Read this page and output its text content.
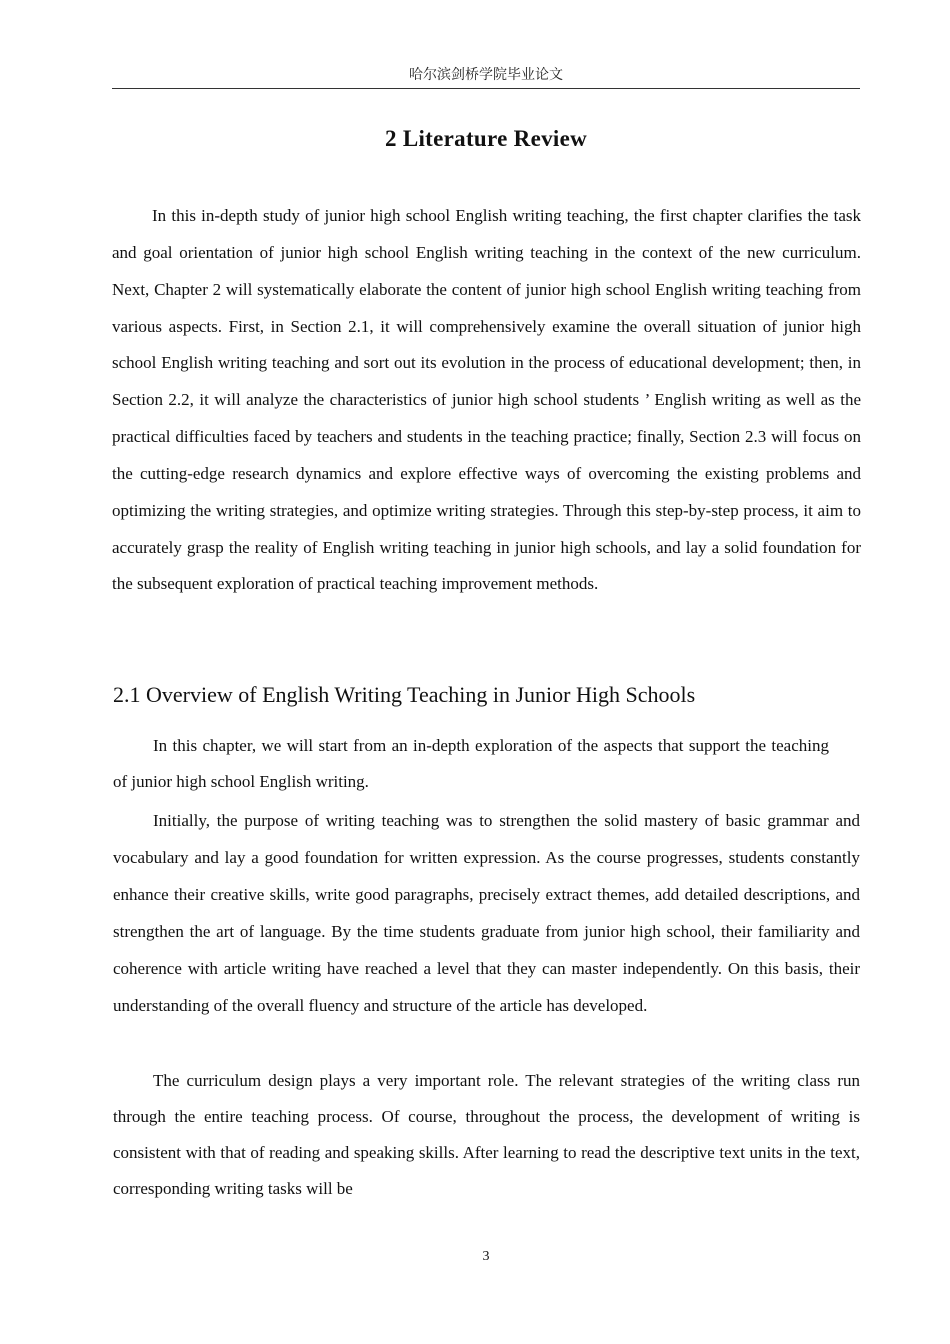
哈尔滨剑桥学院毕业论文
2 Literature Review

In this in-depth study of junior high school English writing teaching, the first chapter clarifies the task and goal orientation of junior high school English writing teaching in the context of the new curriculum. Next, Chapter 2 will systematically elaborate the content of junior high school English writing teaching from various aspects. First, in Section 2.1, it will comprehensively examine the overall situation of junior high school English writing teaching and sort out its evolution in the process of educational development; then, in Section 2.2, it will analyze the characteristics of junior high school students ’ English writing as well as the practical difficulties faced by teachers and students in the teaching practice; finally, Section 2.3 will focus on the cutting-edge research dynamics and explore effective ways of overcoming the existing problems and optimizing the writing strategies, and optimize writing strategies. Through this step-by-step process, it aim to accurately grasp the reality of English writing teaching in junior high schools, and lay a solid foundation for the subsequent exploration of practical teaching improvement methods.

2.1 Overview of English Writing Teaching in Junior High Schools

In this chapter, we will start from an in-depth exploration of the aspects that support the teaching of junior high school English writing.

Initially, the purpose of writing teaching was to strengthen the solid mastery of basic grammar and vocabulary and lay a good foundation for written expression. As the course progresses, students constantly enhance their creative skills, write good paragraphs, precisely extract themes, add detailed descriptions, and strengthen the art of language. By the time students graduate from junior high school, their familiarity and coherence with article writing have reached a level that they can master independently. On this basis, their understanding of the overall fluency and structure of the article has developed.

The curriculum design plays a very important role. The relevant strategies of the writing class run through the entire teaching process. Of course, throughout the process, the development of writing is consistent with that of reading and speaking skills. After learning to read the descriptive text units in the text, corresponding writing tasks will be

3
